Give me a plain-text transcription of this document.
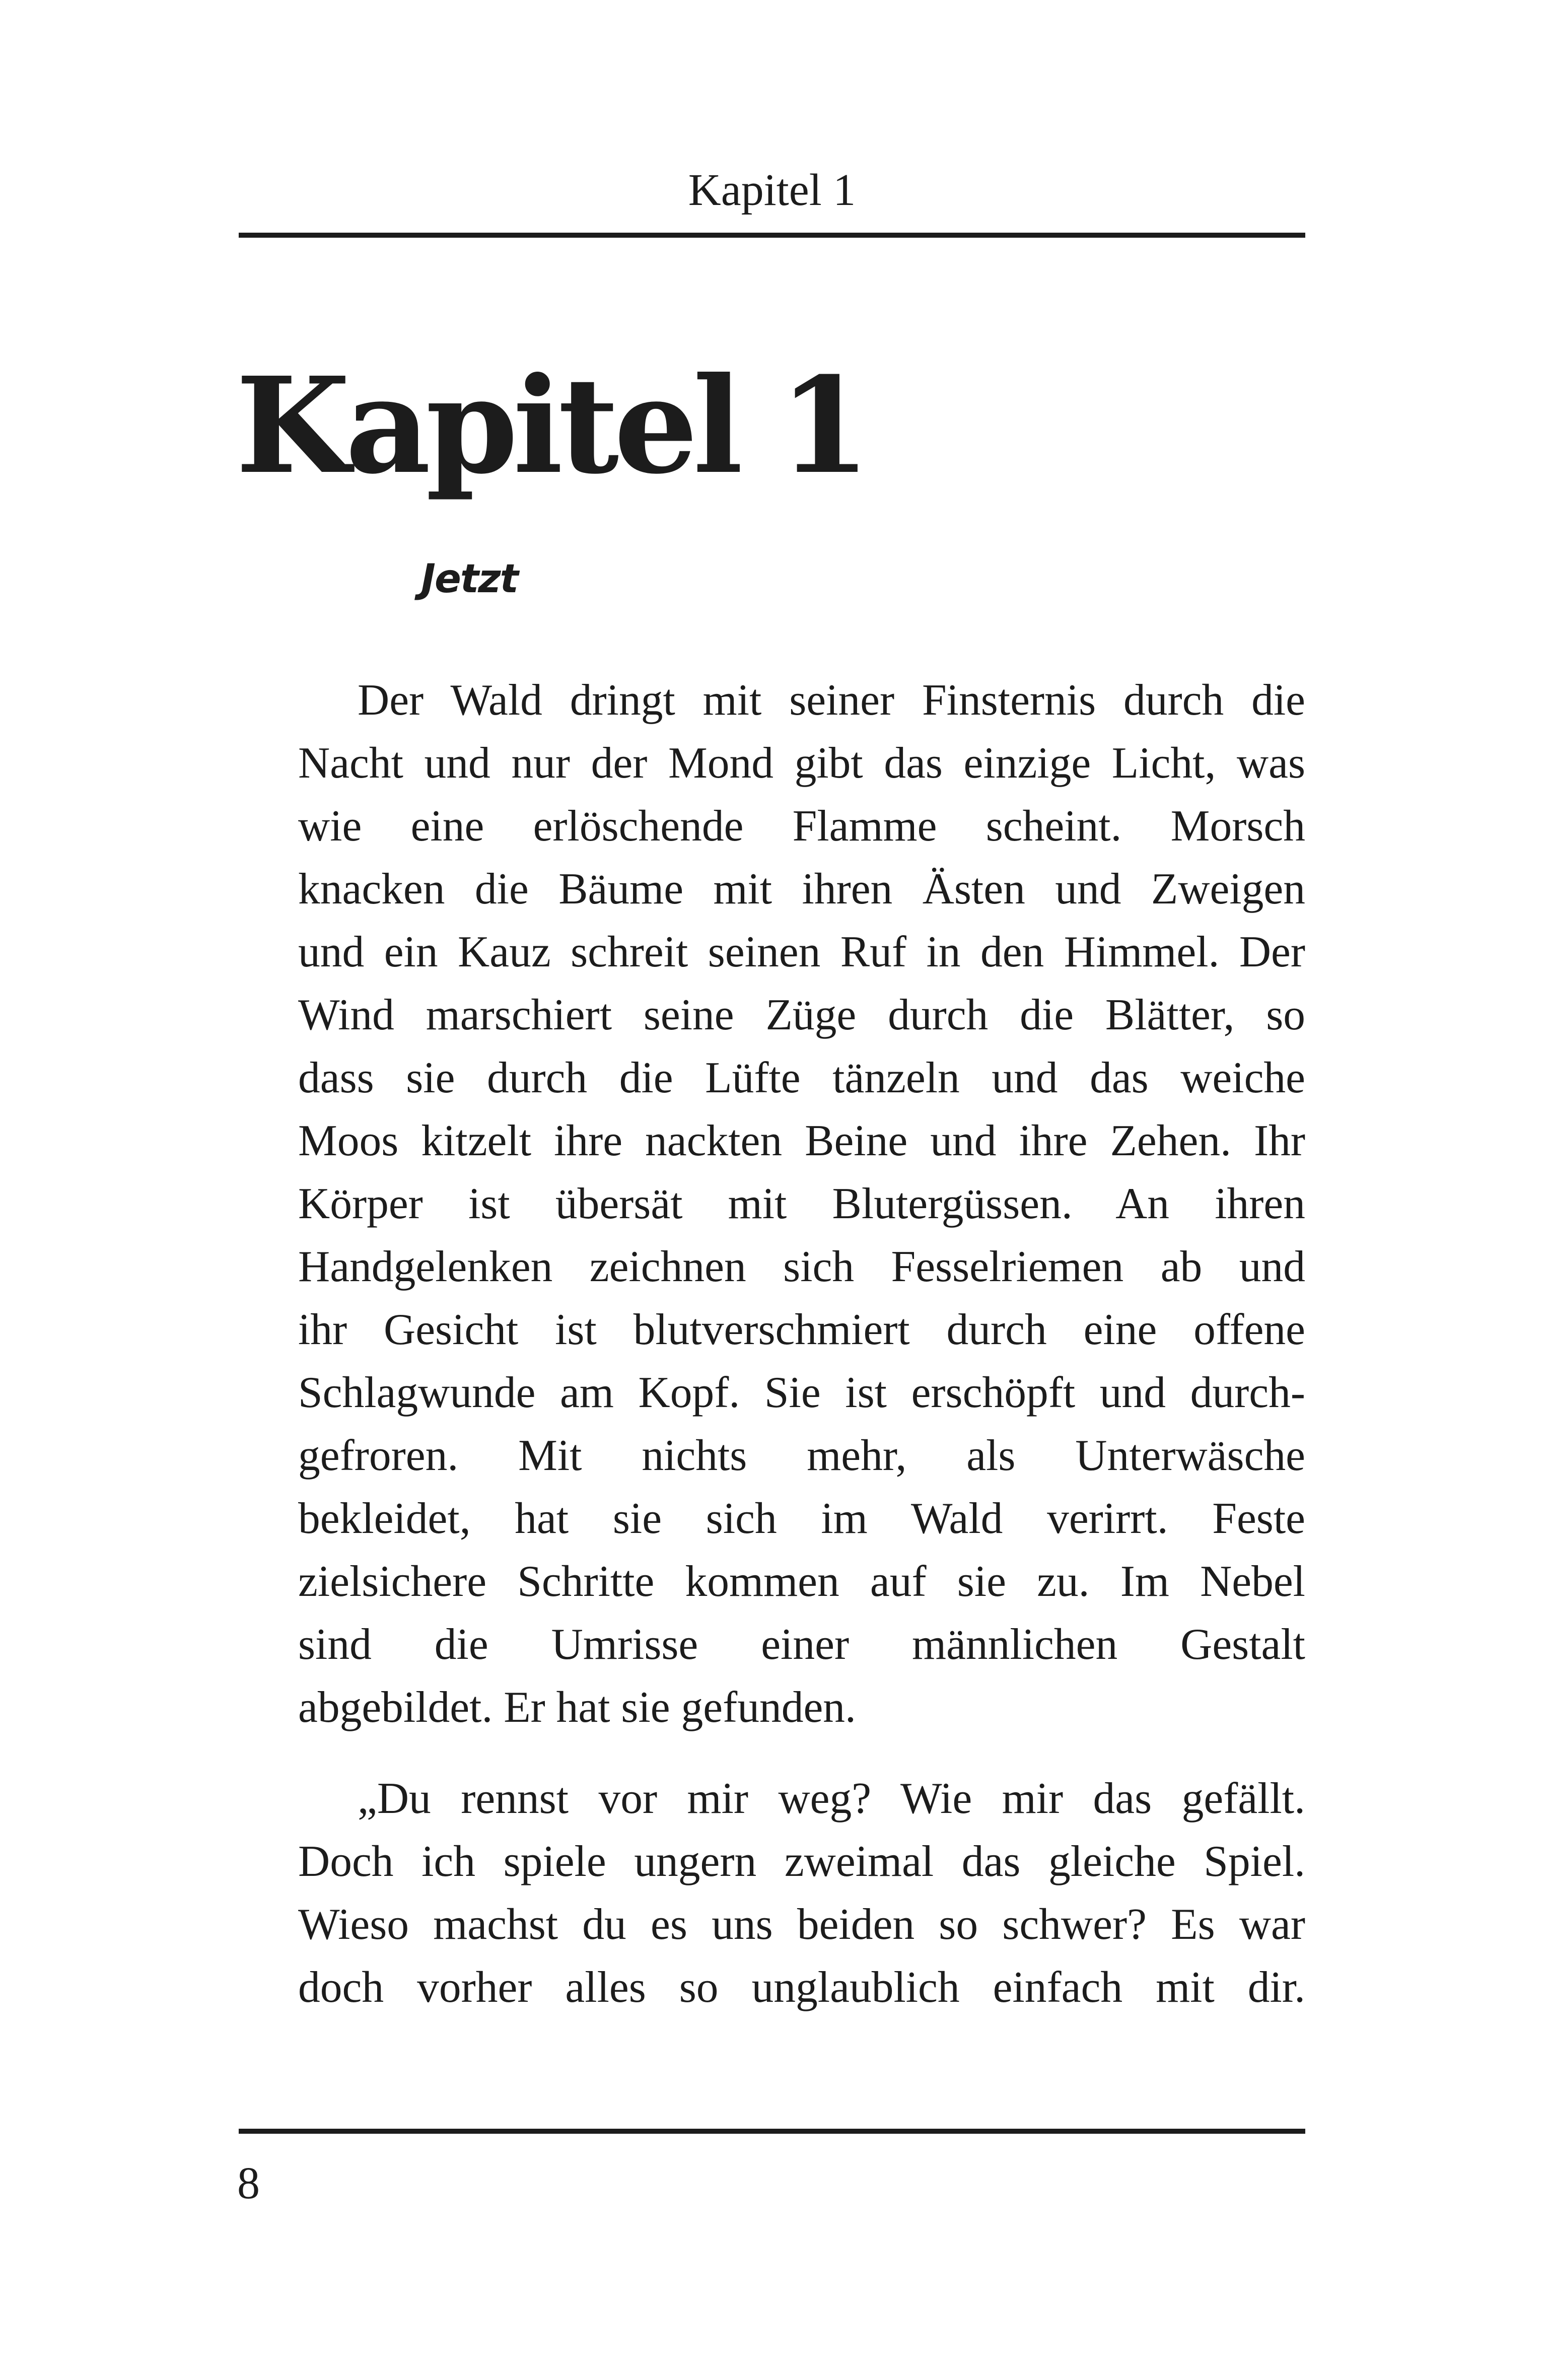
Kapitel 1
Kapitel 1
Jetzt
Der Wald dringt mit seiner Finsternis durch die
Nacht und nur der Mond gibt das einzige Licht, was
wie eine erlöschende Flamme scheint. Morsch
knacken die Bäume mit ihren Ästen und Zweigen
und ein Kauz schreit seinen Ruf in den Himmel. Der
Wind marschiert seine Züge durch die Blätter, so
dass sie durch die Lüfte tänzeln und das weiche
Moos kitzelt ihre nackten Beine und ihre Zehen. Ihr
Körper ist übersät mit Blutergüssen. An ihren
Handgelenken zeichnen sich Fesselriemen ab und
ihr Gesicht ist blutverschmiert durch eine offene
Schlagwunde am Kopf. Sie ist erschöpft und durch-
gefroren. Mit nichts mehr, als Unterwäsche
bekleidet, hat sie sich im Wald verirrt. Feste
zielsichere Schritte kommen auf sie zu. Im Nebel
sind die Umrisse einer männlichen Gestalt
abgebildet. Er hat sie gefunden.
„Du rennst vor mir weg? Wie mir das gefällt.
Doch ich spiele ungern zweimal das gleiche Spiel.
Wieso machst du es uns beiden so schwer? Es war
doch vorher alles so unglaublich einfach mit dir.
8
